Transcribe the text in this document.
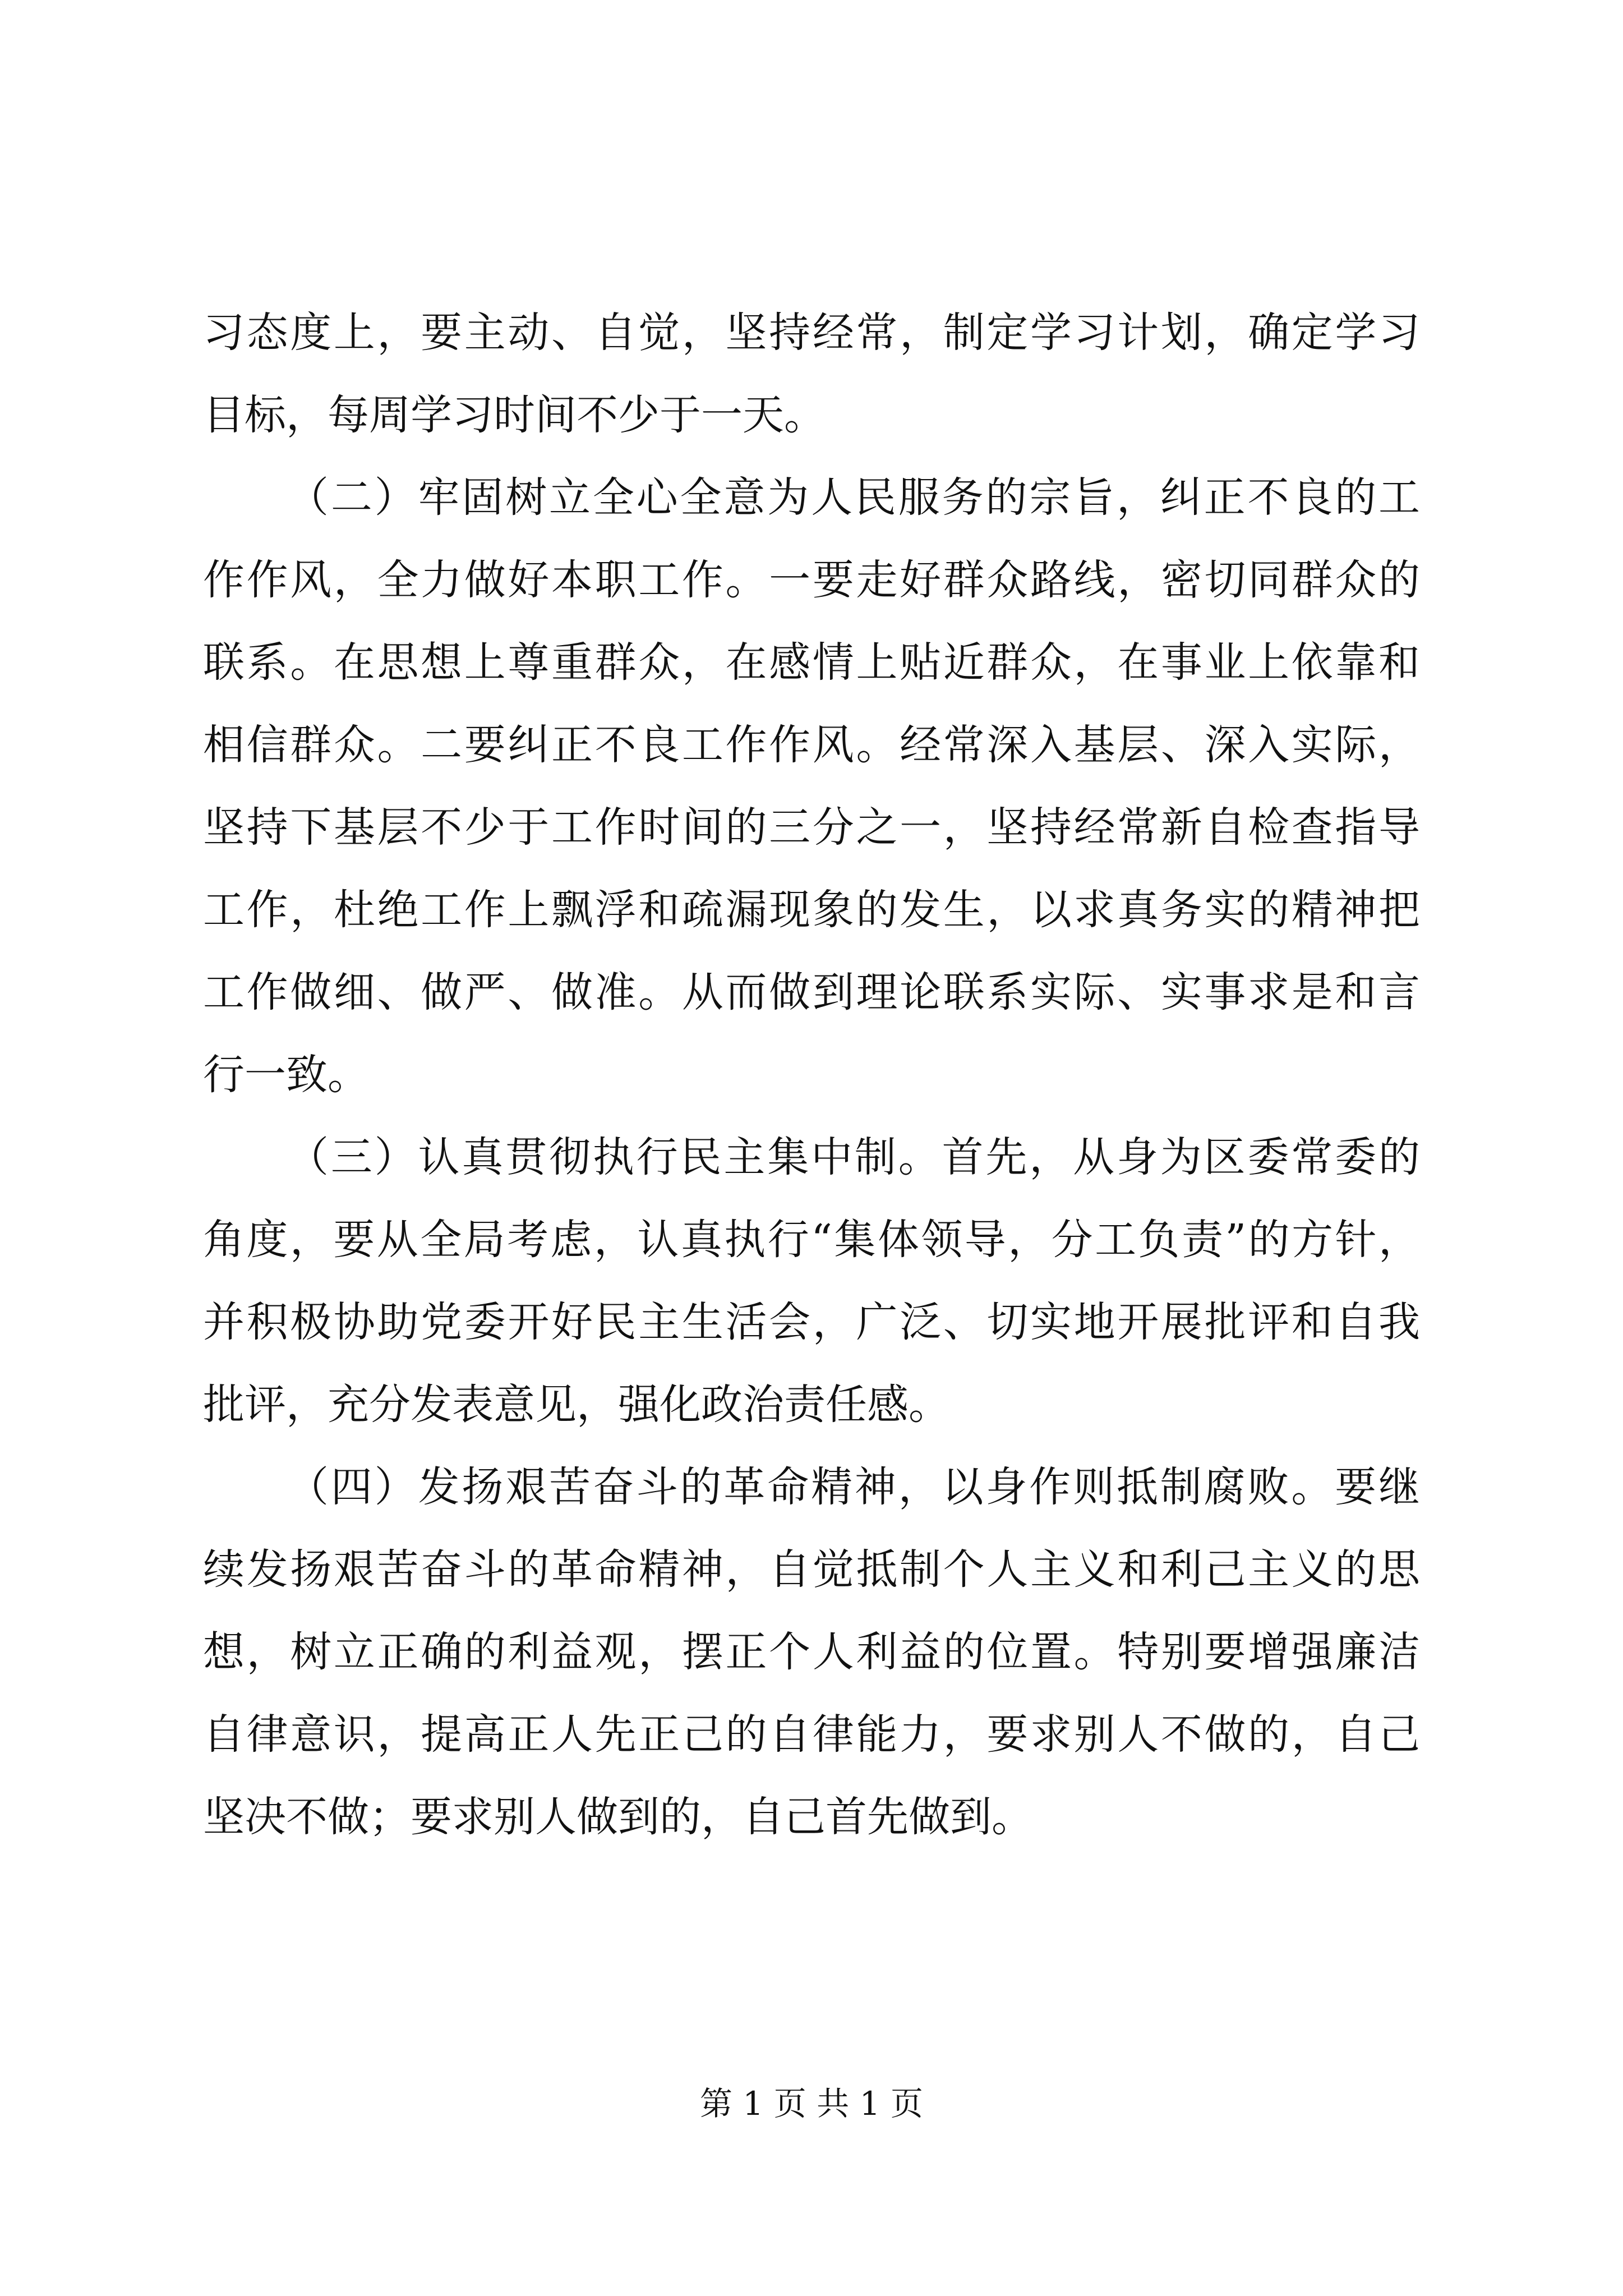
习态度上，要主动、自觉，坚持经常，制定学习计划，确定学习
目标，每周学习时间不少于一天。
（二）牢固树立全心全意为人民服务的宗旨，纠正不良的工
作作风，全力做好本职工作。一要走好群众路线，密切同群众的
联系。在思想上尊重群众，在感情上贴近群众，在事业上依靠和
相信群众。二要纠正不良工作作风。经常深入基层、深入实际，
坚持下基层不少于工作时间的三分之一，坚持经常新自检查指导
工作，杜绝工作上飘浮和疏漏现象的发生，以求真务实的精神把
工作做细、做严、做准。从而做到理论联系实际、实事求是和言
行一致。
（三）认真贯彻执行民主集中制。首先，从身为区委常委的
角度，要从全局考虑，认真执行“集体领导，分工负责”的方针，
并积极协助党委开好民主生活会，广泛、切实地开展批评和自我
批评，充分发表意见，强化政治责任感。
（四）发扬艰苦奋斗的革命精神，以身作则抵制腐败。要继
续发扬艰苦奋斗的革命精神，自觉抵制个人主义和利己主义的思
想，树立正确的利益观，摆正个人利益的位置。特别要增强廉洁
自律意识，提高正人先正己的自律能力，要求别人不做的，自己
坚决不做；要求别人做到的，自己首先做到。
第 1 页 共 1 页
